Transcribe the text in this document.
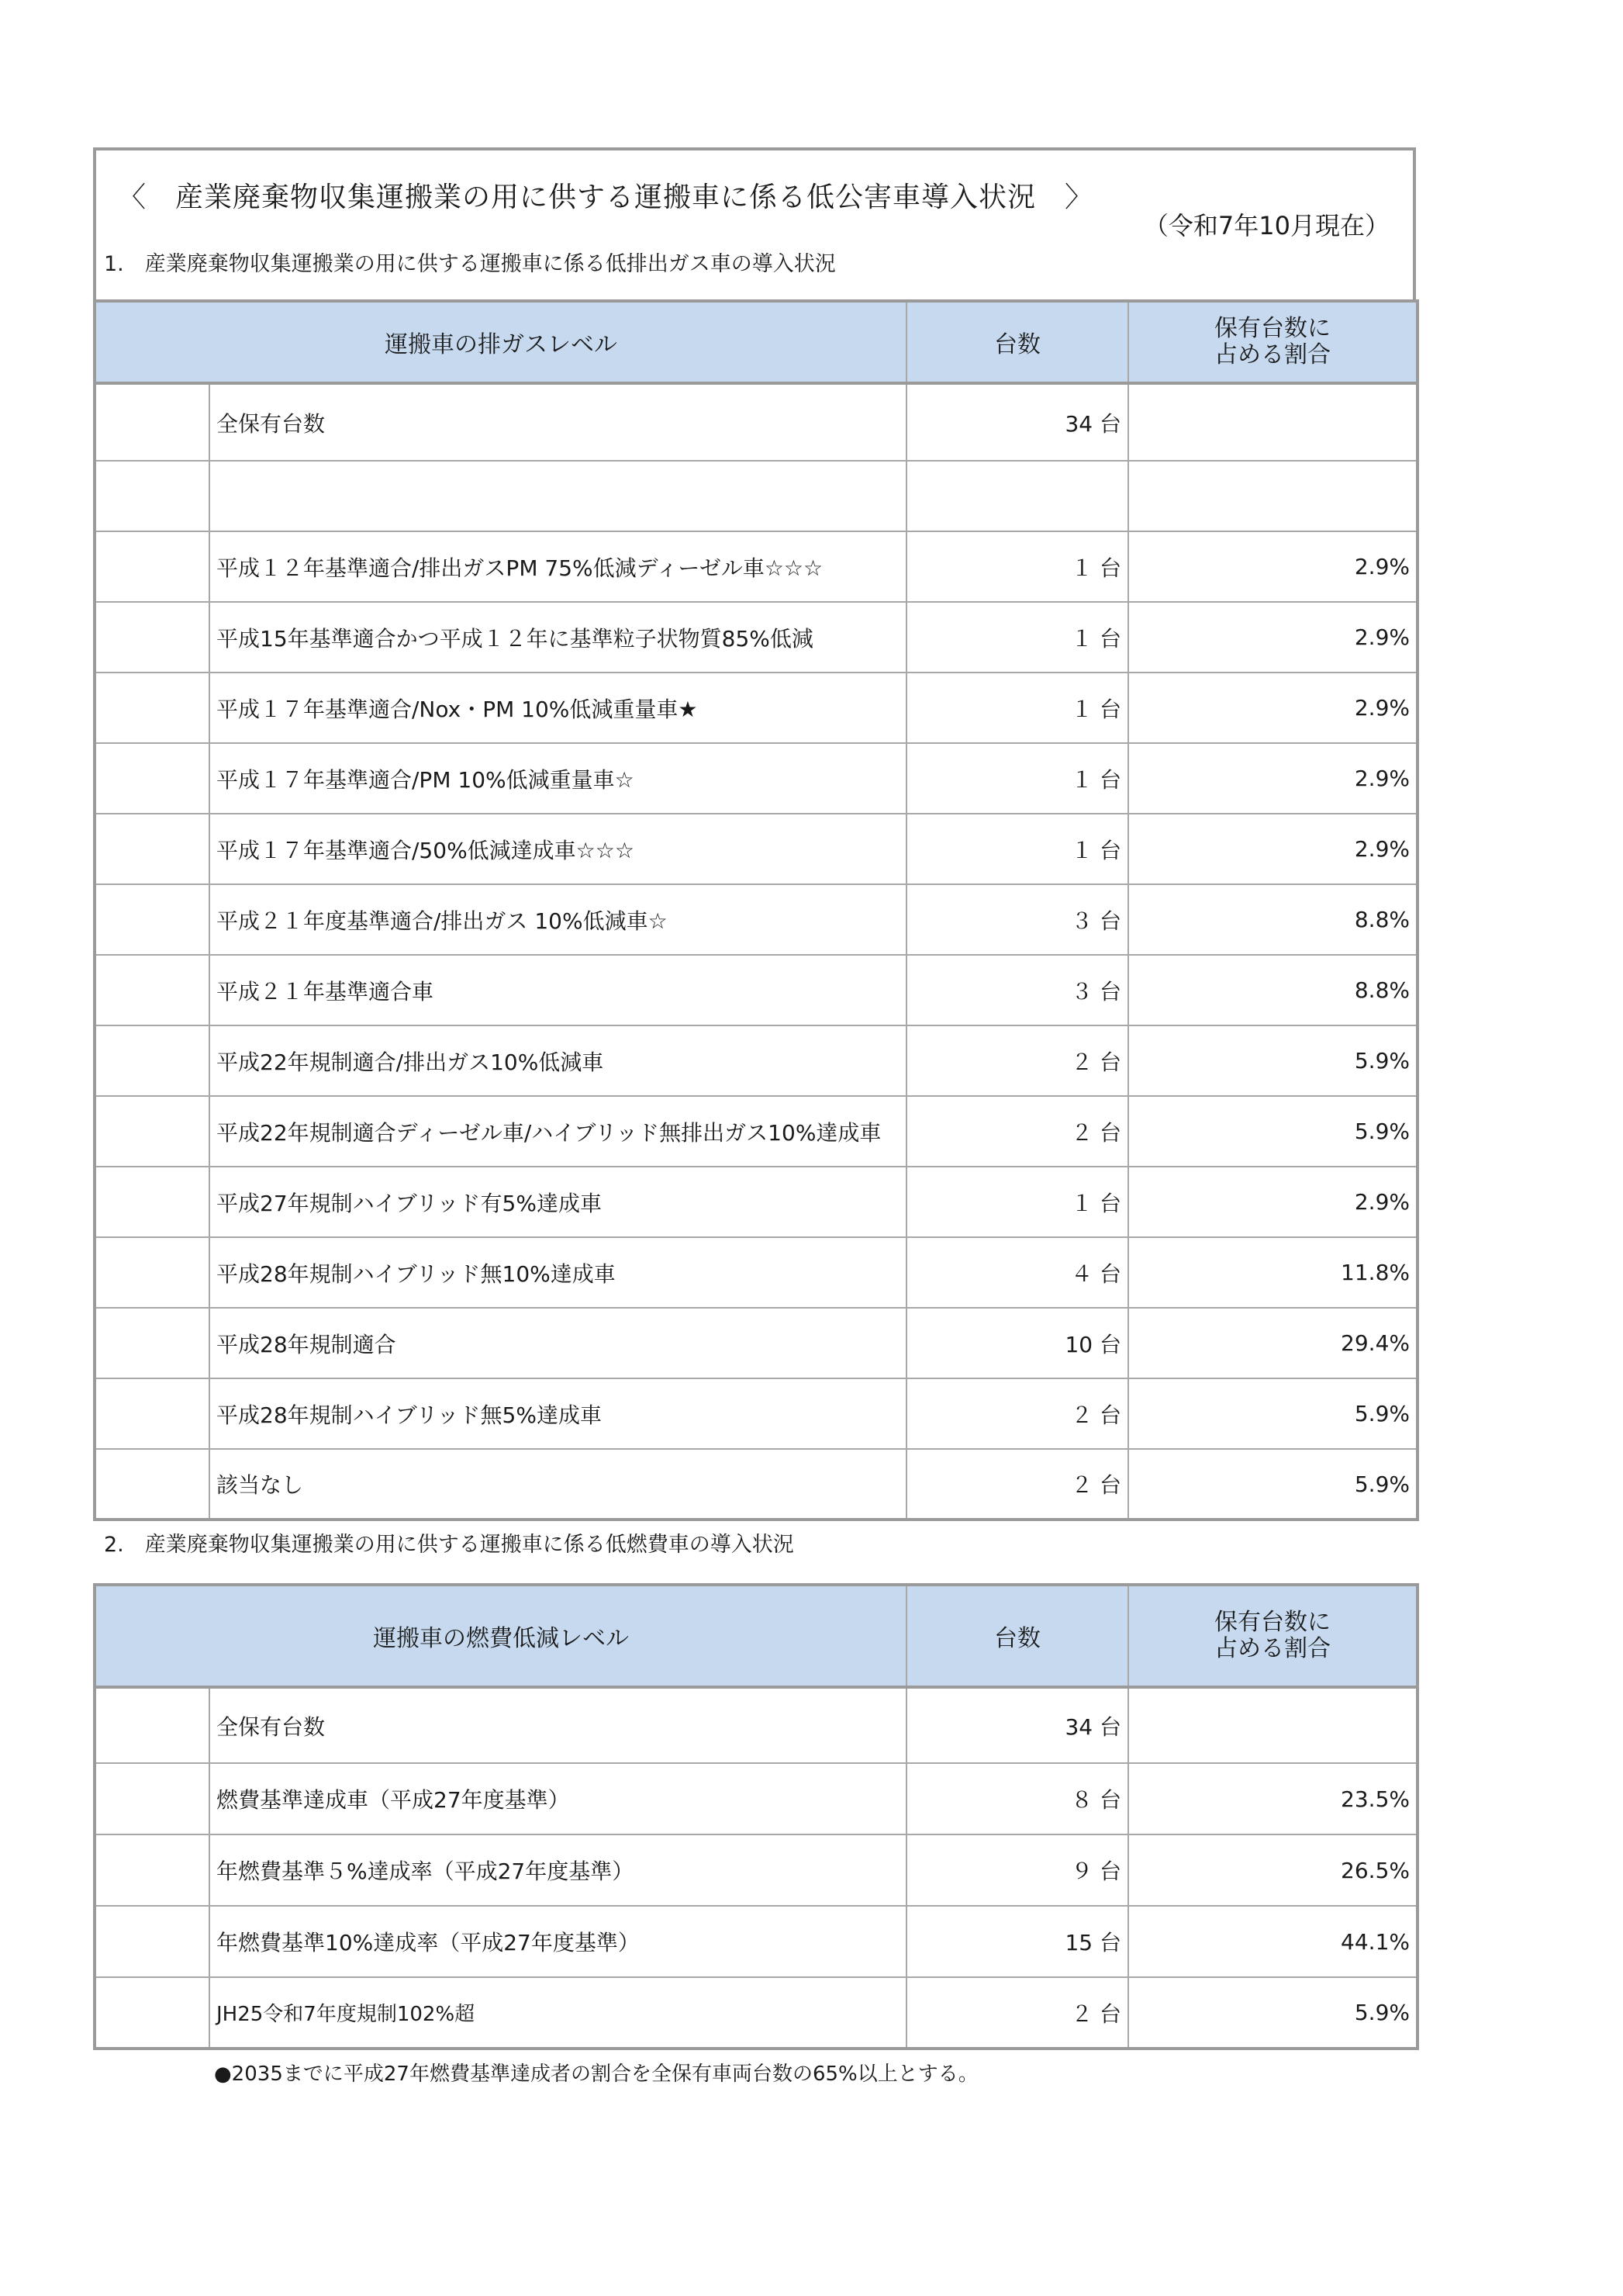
〈　産業廃棄物収集運搬業の用に供する運搬車に係る低公害車導入状況　〉
（令和7年10月現在）
1.　産業廃棄物収集運搬業の用に供する運搬車に係る低排出ガス車の導入状況
運搬車の排ガスレベル		台数	保有台数に
占める割合
	全保有台数	34 台	

	平成１２年基準適合/排出ガスPM 75%低減ディーゼル車☆☆☆	１ 台	2.9%
	平成15年基準適合かつ平成１２年に基準粒子状物質85%低減	１ 台	2.9%
	平成１７年基準適合/Nox・PM 10%低減重量車★	１ 台	2.9%
	平成１７年基準適合/PM 10%低減重量車☆	１ 台	2.9%
	平成１７年基準適合/50%低減達成車☆☆☆	１ 台	2.9%
	平成２１年度基準適合/排出ガス 10%低減車☆	３ 台	8.8%
	平成２１年基準適合車	３ 台	8.8%
	平成22年規制適合/排出ガス10%低減車	２ 台	5.9%
	平成22年規制適合ディーゼル車/ハイブリッド無排出ガス10%達成車	２ 台	5.9%
	平成27年規制ハイブリッド有5%達成車	１ 台	2.9%
	平成28年規制ハイブリッド無10%達成車	４ 台	11.8%
	平成28年規制適合	10 台	29.4%
	平成28年規制ハイブリッド無5%達成車	２ 台	5.9%
	該当なし	２ 台	5.9%
2.　産業廃棄物収集運搬業の用に供する運搬車に係る低燃費車の導入状況
運搬車の燃費低減レベル		台数	保有台数に
占める割合
	全保有台数	34 台	
	燃費基準達成車（平成27年度基準）	８ 台	23.5%
	年燃費基準５%達成率（平成27年度基準）	９ 台	26.5%
	年燃費基準10%達成率（平成27年度基準）	15 台	44.1%
	JH25令和7年度規制102%超	２ 台	5.9%
●2035までに平成27年燃費基準達成者の割合を全保有車両台数の65%以上とする。
